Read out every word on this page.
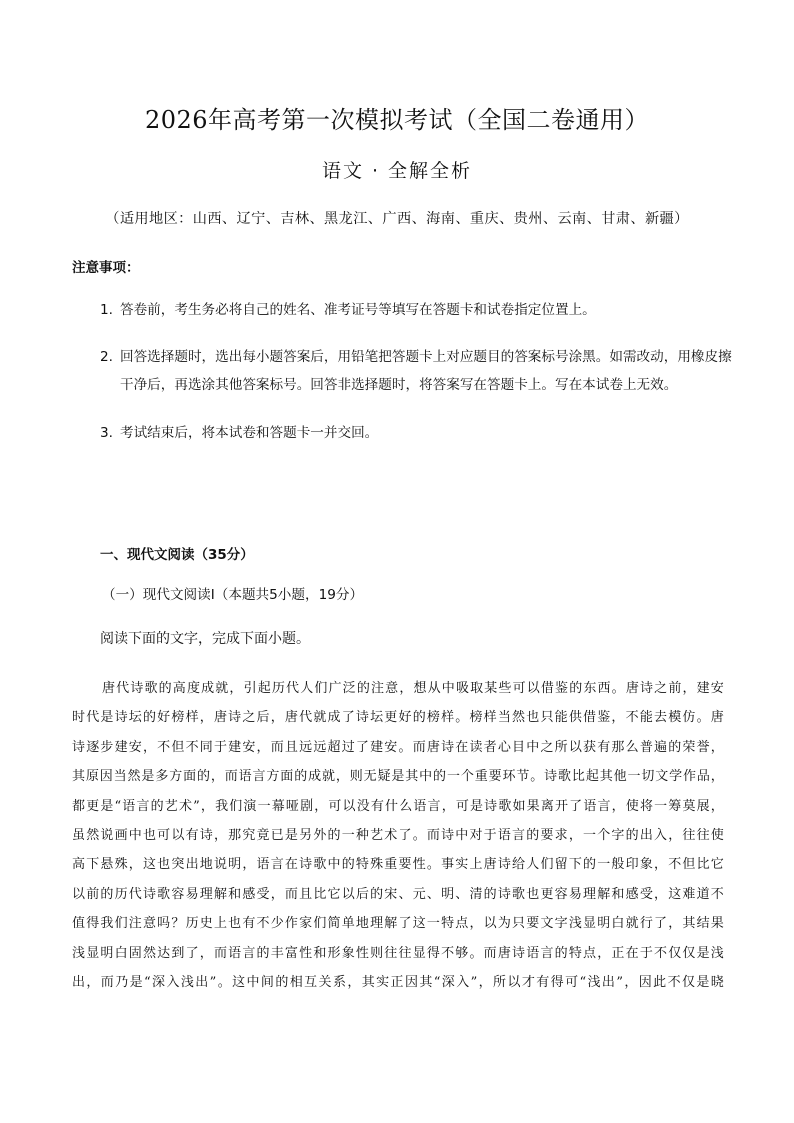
2026年高考第一次模拟考试（全国二卷通用）
语文 · 全解全析
（适用地区：山西、辽宁、吉林、黑龙江、广西、海南、重庆、贵州、云南、甘肃、新疆）
注意事项：
1. 答卷前，考生务必将自己的姓名、准考证号等填写在答题卡和试卷指定位置上。
2. 回答选择题时，选出每小题答案后，用铅笔把答题卡上对应题目的答案标号涂黑。如需改动，用橡皮擦干净后，再选涂其他答案标号。回答非选择题时，将答案写在答题卡上。写在本试卷上无效。
3. 考试结束后，将本试卷和答题卡一并交回。
一、现代文阅读（35分）
（一）现代文阅读Ⅰ（本题共5小题，19分）
阅读下面的文字，完成下面小题。
唐代诗歌的高度成就，引起历代人们广泛的注意，想从中吸取某些可以借鉴的东西。唐诗之前，建安
时代是诗坛的好榜样，唐诗之后，唐代就成了诗坛更好的榜样。榜样当然也只能供借鉴，不能去模仿。唐
诗逐步建安，不但不同于建安，而且远远超过了建安。而唐诗在读者心目中之所以获有那么普遍的荣誉，
其原因当然是多方面的，而语言方面的成就，则无疑是其中的一个重要环节。诗歌比起其他一切文学作品，
都更是“语言的艺术”，我们演一幕哑剧，可以没有什么语言，可是诗歌如果离开了语言，使将一筹莫展，
虽然说画中也可以有诗，那究竟已是另外的一种艺术了。而诗中对于语言的要求，一个字的出入，往往使
高下悬殊，这也突出地说明，语言在诗歌中的特殊重要性。事实上唐诗给人们留下的一般印象，不但比它
以前的历代诗歌容易理解和感受，而且比它以后的宋、元、明、清的诗歌也更容易理解和感受，这难道不
值得我们注意吗？历史上也有不少作家们简单地理解了这一特点，以为只要文字浅显明白就行了，其结果
浅显明白固然达到了，而语言的丰富性和形象性则往往显得不够。而唐诗语言的特点，正在于不仅仅是浅
出，而乃是“深入浅出”。这中间的相互关系，其实正因其“深入”，所以才有得可“浅出”，因此不仅是晓
